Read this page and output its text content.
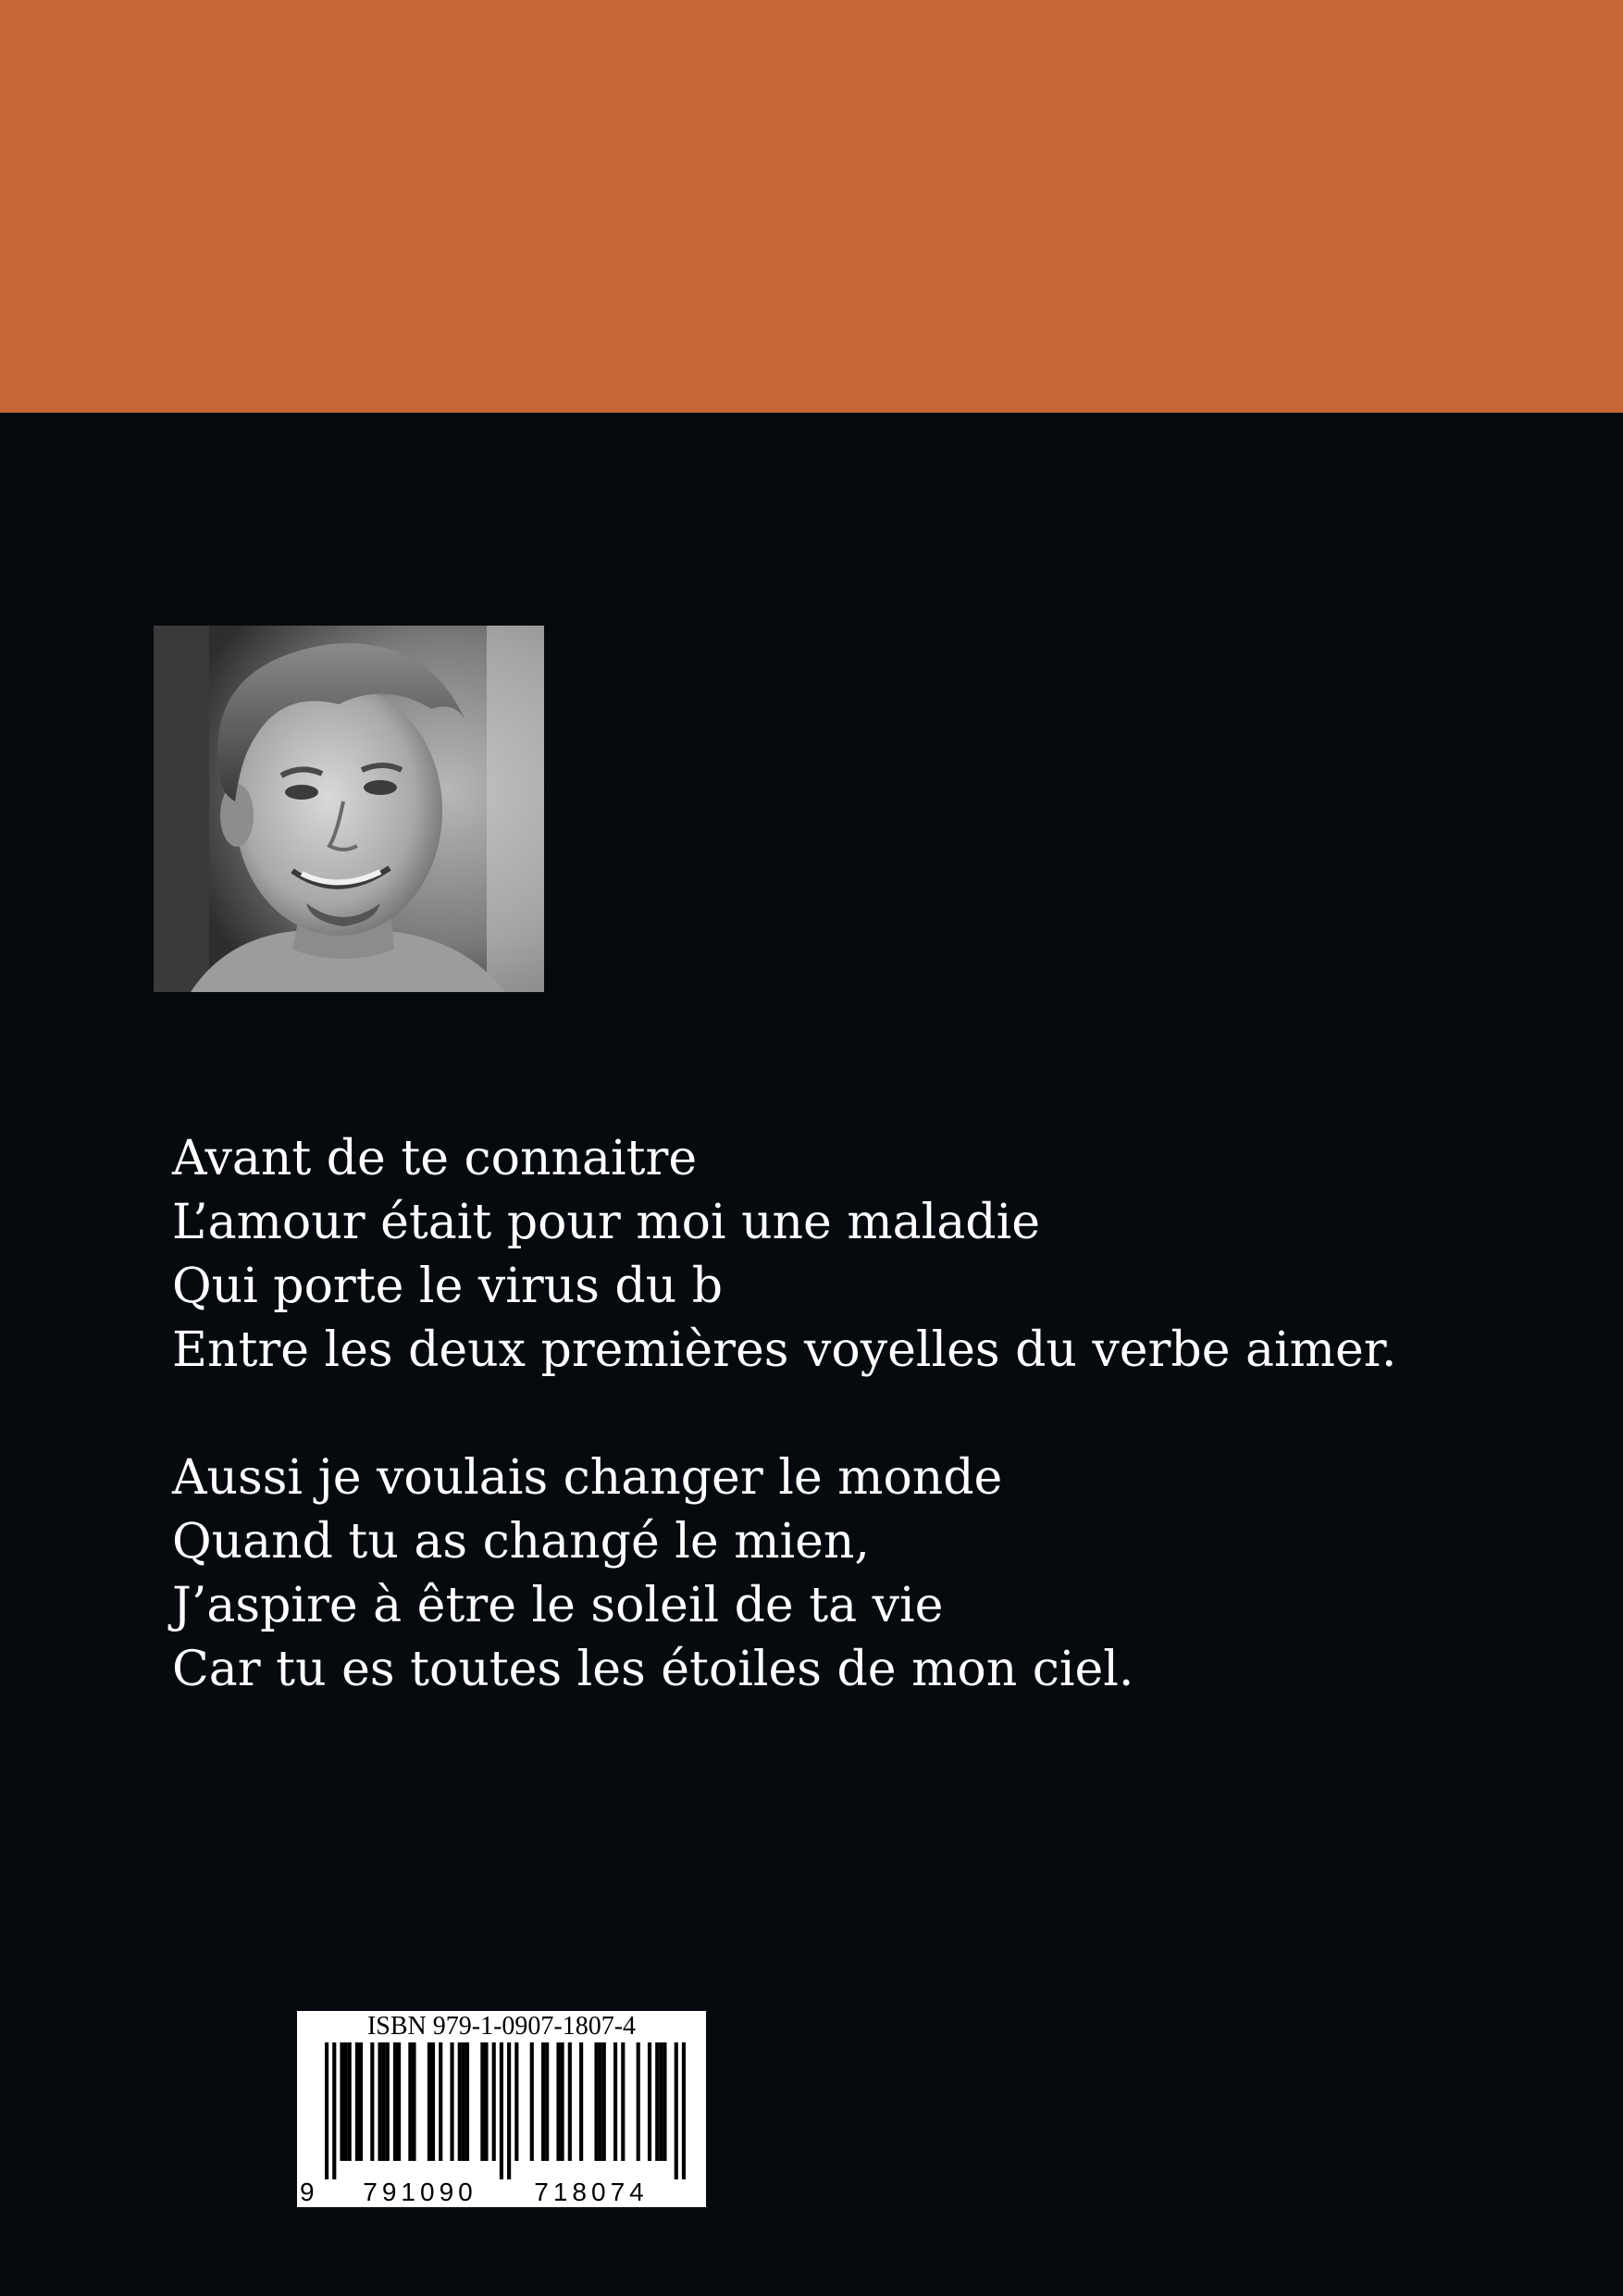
Avant de te connaitre
L’amour était pour moi une maladie
Qui porte le virus du b
Entre les deux premières voyelles du verbe aimer.
Aussi je voulais changer le monde
Quand tu as changé le mien,
J’aspire à être le soleil de ta vie
Car tu es toutes les étoiles de mon ciel.
ISBN 979-1-0907-1807-4
9	791090	718074
